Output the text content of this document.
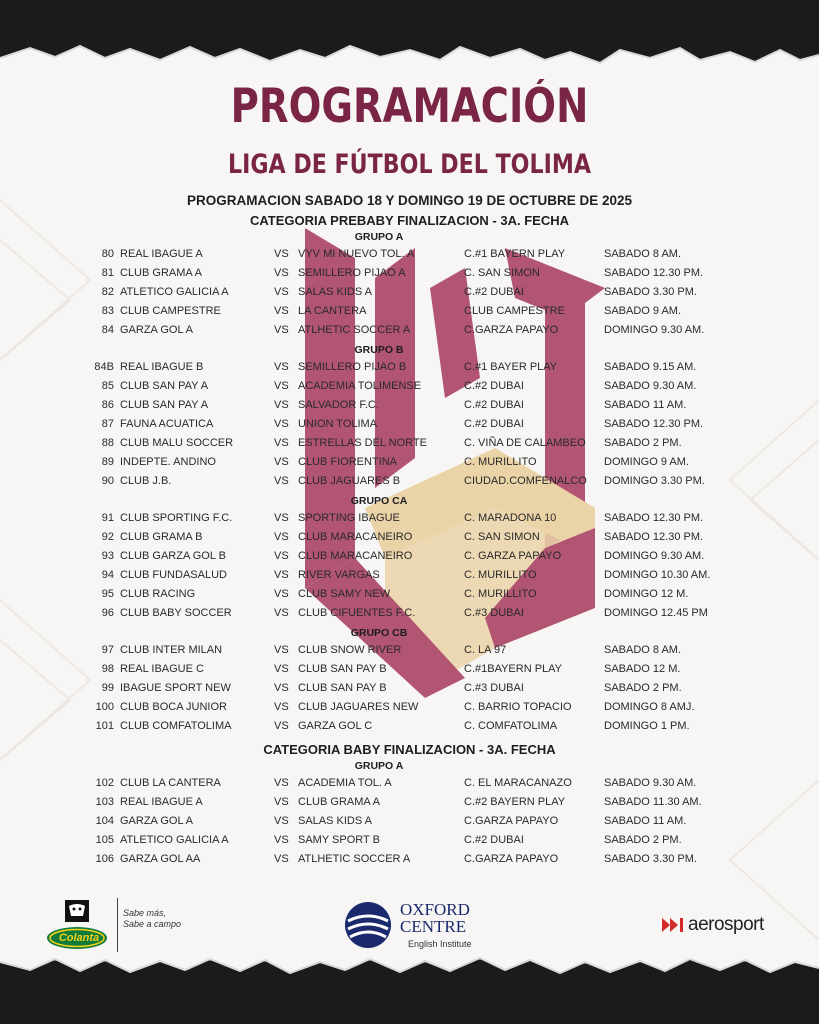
PROGRAMACIÓN
LIGA DE FÚTBOL DEL TOLIMA
PROGRAMACION SABADO 18 Y DOMINGO 19 DE OCTUBRE DE 2025
CATEGORIA PREBABY FINALIZACION - 3A. FECHA
GRUPO A
80 REAL IBAGUE A	VS VYV MI NUEVO TOL. A	C.#1 BAYERN PLAY	SABADO 8 AM.
81 CLUB GRAMA A	VS SEMILLERO PIJAO A	C. SAN SIMON	SABADO 12.30 PM.
82 ATLETICO GALICIA A	VS SALAS KIDS A	C.#2 DUBAI	SABADO 3.30 PM.
83 CLUB CAMPESTRE	VS LA CANTERA	CLUB CAMPESTRE	SABADO 9 AM.
84 GARZA GOL A	VS ATLHETIC SOCCER A	C.GARZA PAPAYO	DOMINGO 9.30 AM.
GRUPO B
84B REAL IBAGUE B	VS SEMILLERO PIJAO B	C.#1 BAYER PLAY	SABADO 9.15 AM.
85 CLUB SAN PAY A	VS ACADEMIA TOLIMENSE	C.#2 DUBAI	SABADO 9.30 AM.
86 CLUB SAN PAY A	VS SALVADOR F.C.	C.#2 DUBAI	SABADO 11 AM.
87 FAUNA ACUATICA	VS UNION TOLIMA	C.#2 DUBAI	SABADO 12.30 PM.
88 CLUB MALU SOCCER	VS ESTRELLAS DEL NORTE	C. VIÑA DE CALAMBEO SABADO 2 PM.
89 INDEPTE. ANDINO	VS CLUB FIORENTINA	C. MURILLITO	DOMINGO 9 AM.
90 CLUB J.B.	VS CLUB JAGUARES B	CIUDAD.COMFENALCO DOMINGO 3.30 PM.
GRUPO CA
91 CLUB SPORTING F.C.	VS SPORTING IBAGUE	C. MARADONA 10	SABADO 12.30 PM.
92 CLUB GRAMA B	VS CLUB MARACANEIRO	C. SAN SIMON	SABADO 12.30 PM.
93 CLUB GARZA GOL B	VS CLUB MARACANEIRO	C. GARZA PAPAYO	DOMINGO 9.30 AM.
94 CLUB FUNDASALUD	VS RIVER VARGAS	C. MURILLITO	DOMINGO 10.30 AM.
95 CLUB RACING	VS CLUB SAMY NEW	C. MURILLITO	DOMINGO 12 M.
96 CLUB BABY SOCCER	VS CLUB CIFUENTES F.C.	C.#3 DUBAI	DOMINGO 12.45 PM
GRUPO CB
97 CLUB INTER MILAN	VS CLUB SNOW RIVER	C. LA 97	SABADO 8 AM.
98 REAL IBAGUE C	VS CLUB SAN PAY B	C.#1BAYERN PLAY	SABADO 12 M.
99 IBAGUE SPORT NEW	VS CLUB SAN PAY B	C.#3 DUBAI	SABADO 2 PM.
100 CLUB BOCA JUNIOR	VS CLUB JAGUARES NEW	C. BARRIO TOPACIO	DOMINGO 8 AMJ.
101 CLUB COMFATOLIMA	VS GARZA GOL C	C. COMFATOLIMA	DOMINGO 1 PM.
CATEGORIA BABY FINALIZACION - 3A. FECHA
GRUPO A
102 CLUB LA CANTERA	VS ACADEMIA TOL. A	C. EL MARACANAZO	SABADO 9.30 AM.
103 REAL IBAGUE A	VS CLUB GRAMA A	C.#2 BAYERN PLAY	SABADO 11.30 AM.
104 GARZA GOL A	VS SALAS KIDS A	C.GARZA PAPAYO	SABADO 11 AM.
105 ATLETICO GALICIA A	VS SAMY SPORT B	C.#2 DUBAI	SABADO 2 PM.
106 GARZA GOL AA	VS ATLHETIC SOCCER A	C.GARZA PAPAYO	SABADO 3.30 PM.
Colanta
Sabe más,
Sabe a campo
OXFORD
CENTRE
English Institute
aerosport
